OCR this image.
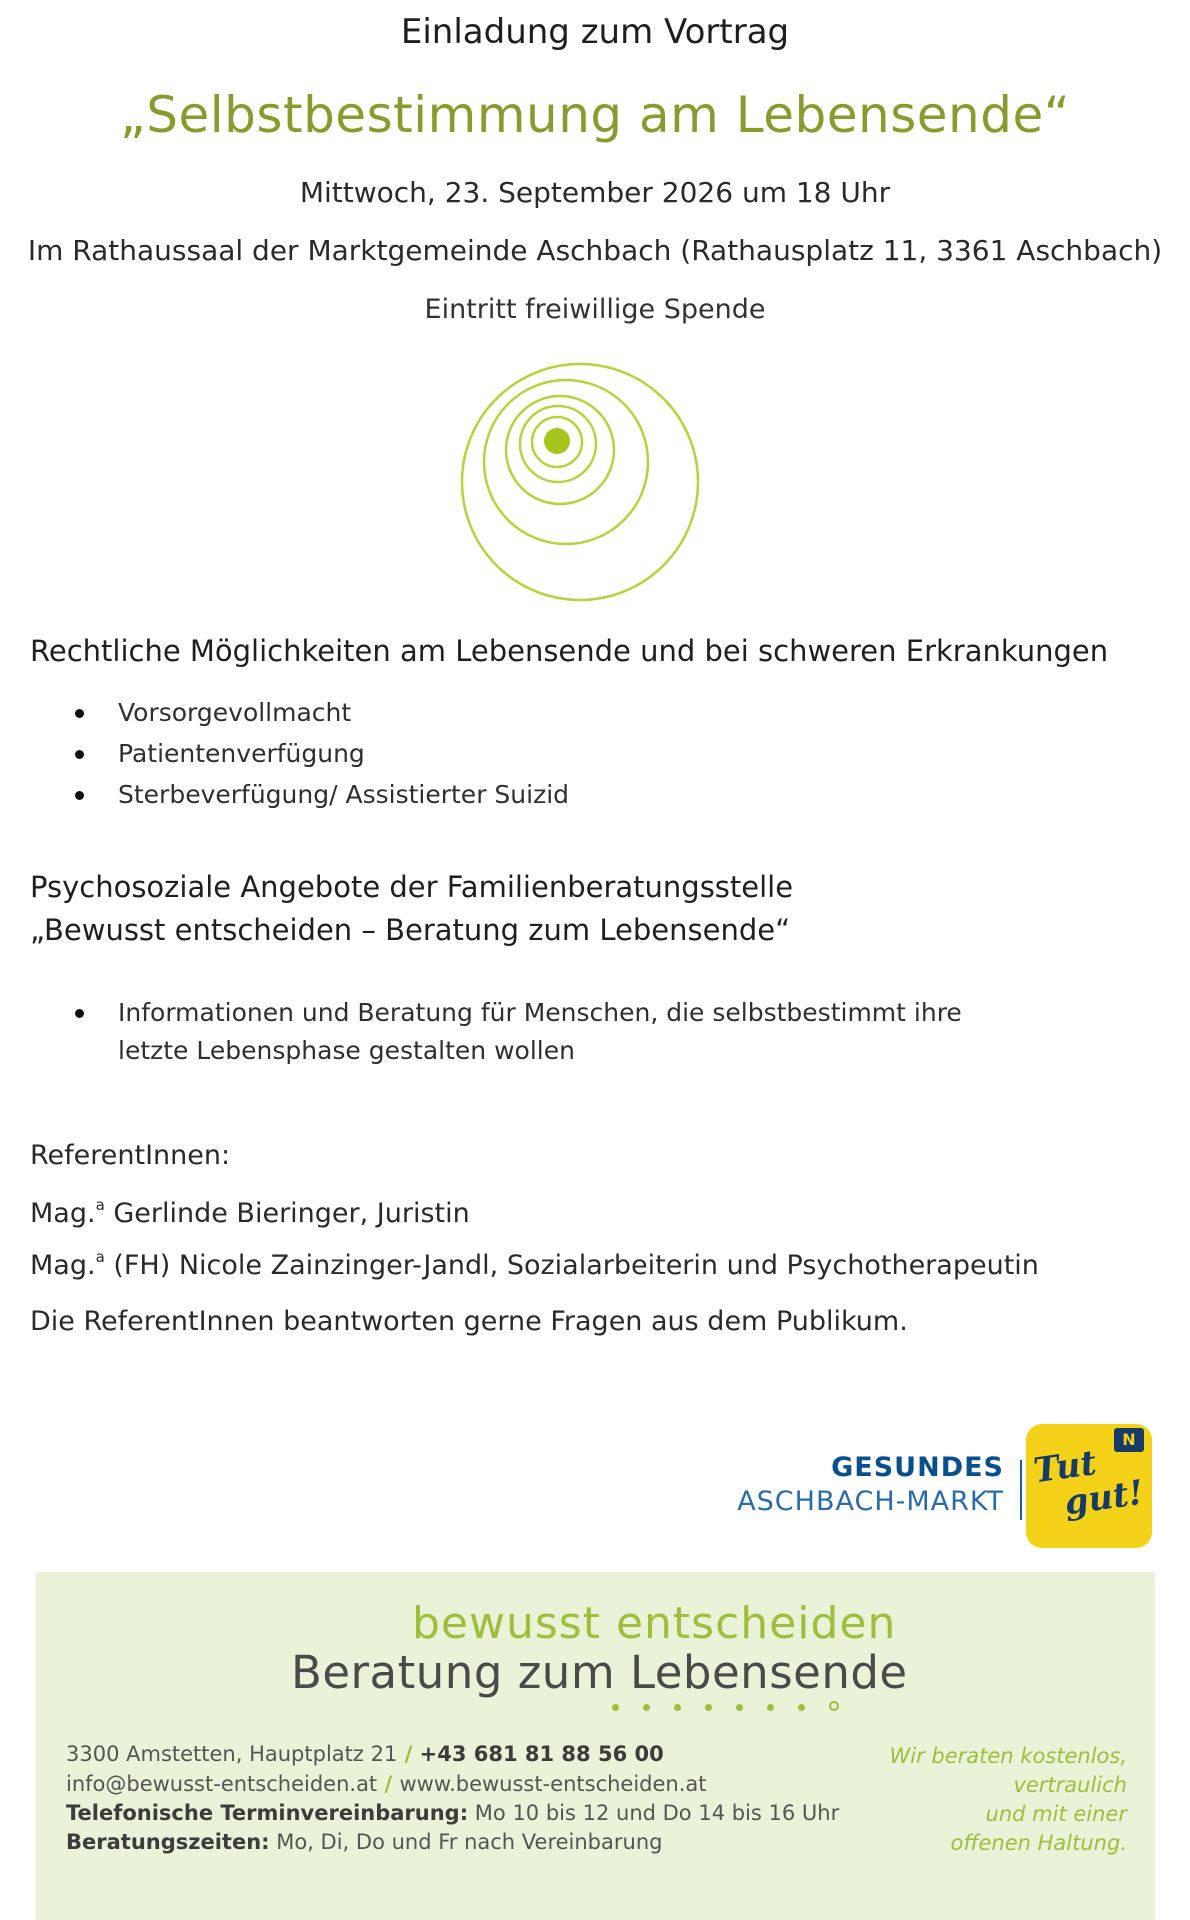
Einladung zum Vortrag
„Selbstbestimmung am Lebensende“
Mittwoch, 23. September 2026 um 18 Uhr
Im Rathaussaal der Marktgemeinde Aschbach (Rathausplatz 11, 3361 Aschbach)
Eintritt freiwillige Spende
Rechtliche Möglichkeiten am Lebensende und bei schweren Erkrankungen
Vorsorgevollmacht
Patientenverfügung
Sterbeverfügung/ Assistierter Suizid
Psychosoziale Angebote der Familienberatungsstelle
„Bewusst entscheiden – Beratung zum Lebensende“
Informationen und Beratung für Menschen, die selbstbestimmt ihre letzte Lebensphase gestalten wollen
ReferentInnen:
Mag.$^a$ Gerlinde Bieringer, Juristin
Mag.$^a$ (FH) Nicole Zainzinger-Jandl, Sozialarbeiterin und Psychotherapeutin
Die ReferentInnen beantworten gerne Fragen aus dem Publikum.
GESUNDES
ASCHBACH-MARKT
N
Tut
gut!
bewusst entscheiden
Beratung zum Lebensende
3300 Amstetten, Hauptplatz 21 / +43 681 81 88 56 00
info@bewusst-entscheiden.at / www.bewusst-entscheiden.at
Telefonische Terminvereinbarung: Mo 10 bis 12 und Do 14 bis 16 Uhr
Beratungszeiten: Mo, Di, Do und Fr nach Vereinbarung
Wir beraten kostenlos,
vertraulich
und mit einer
offenen Haltung.
